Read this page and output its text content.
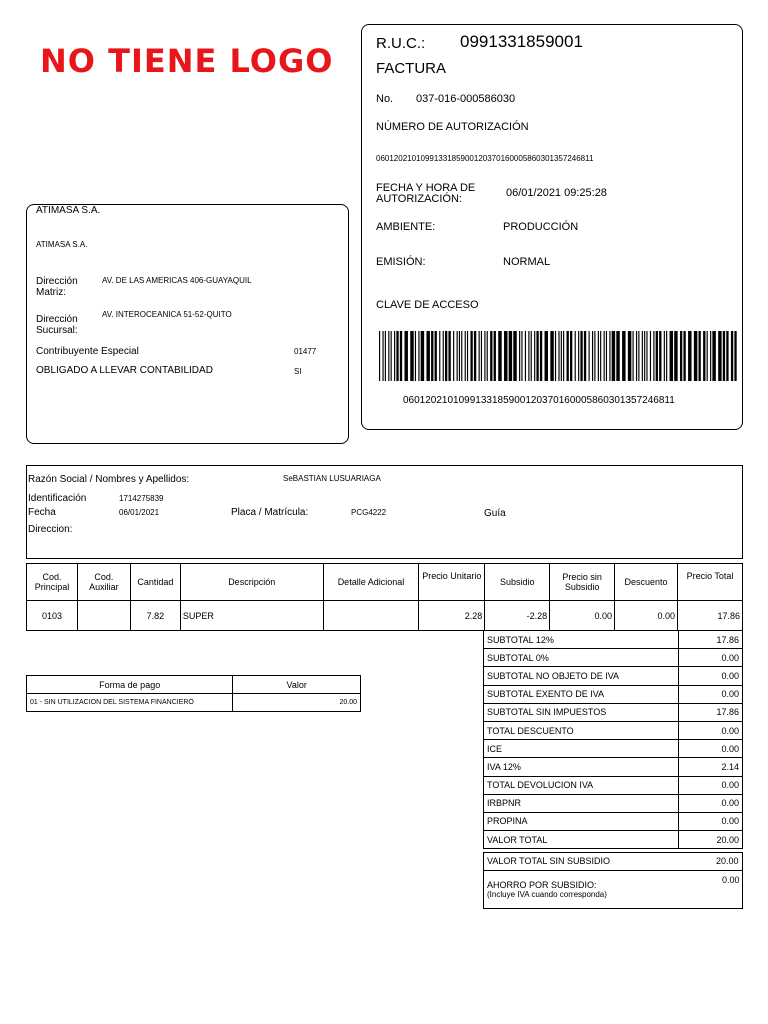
NO TIENE LOGO	R.U.C.: 0991331859001
FACTURA
No. 037-016-000586030
NÚMERO DE AUTORIZACIÓN
0601202101099133185900120370160005860301357246811
FECHA Y HORA DE
AUTORIZACIÓN:	06/01/2021 09:25:28
AMBIENTE:	PRODUCCIÓN
EMISIÓN:	NORMAL
CLAVE DE ACCESO
0601202101099133185900120370160005860301357246811
ATIMASA S.A.
ATIMASA S.A.
Dirección
Matriz:
AV. DE LAS AMERICAS 406-GUAYAQUIL
Dirección
Sucursal:
AV. INTEROCEANICA 51-52-QUITO
Contribuyente Especial	01477
OBLIGADO A LLEVAR CONTABILIDAD	SI
Razón Social / Nombres y Apellidos:	SeBASTIAN LUSUARIAGA
Identificación	1714275839
Fecha	06/01/2021	Placa / Matrícula:	PCG4222	Guía
Direccion:
Cod. Principal	Cod. Auxiliar	Cantidad	Descripción	Detalle Adicional	Precio Unitario	Subsidio	Precio sin Subsidio	Descuento	Precio Total
0103		7.82	SUPER		2.28	-2.28	0.00	0.00	17.86
Forma de pago	Valor
01 - SIN UTILIZACION DEL SISTEMA FINANCIERO	20.00
SUBTOTAL 12%	17.86
SUBTOTAL 0%	0.00
SUBTOTAL NO OBJETO DE IVA	0.00
SUBTOTAL EXENTO DE IVA	0.00
SUBTOTAL SIN IMPUESTOS	17.86
TOTAL DESCUENTO	0.00
ICE	0.00
IVA 12%	2.14
TOTAL DEVOLUCION IVA	0.00
IRBPNR	0.00
PROPINA	0.00
VALOR TOTAL	20.00
VALOR TOTAL SIN SUBSIDIO	20.00
AHORRO POR SUBSIDIO:
(Incluye IVA cuando corresponda)
0.00
